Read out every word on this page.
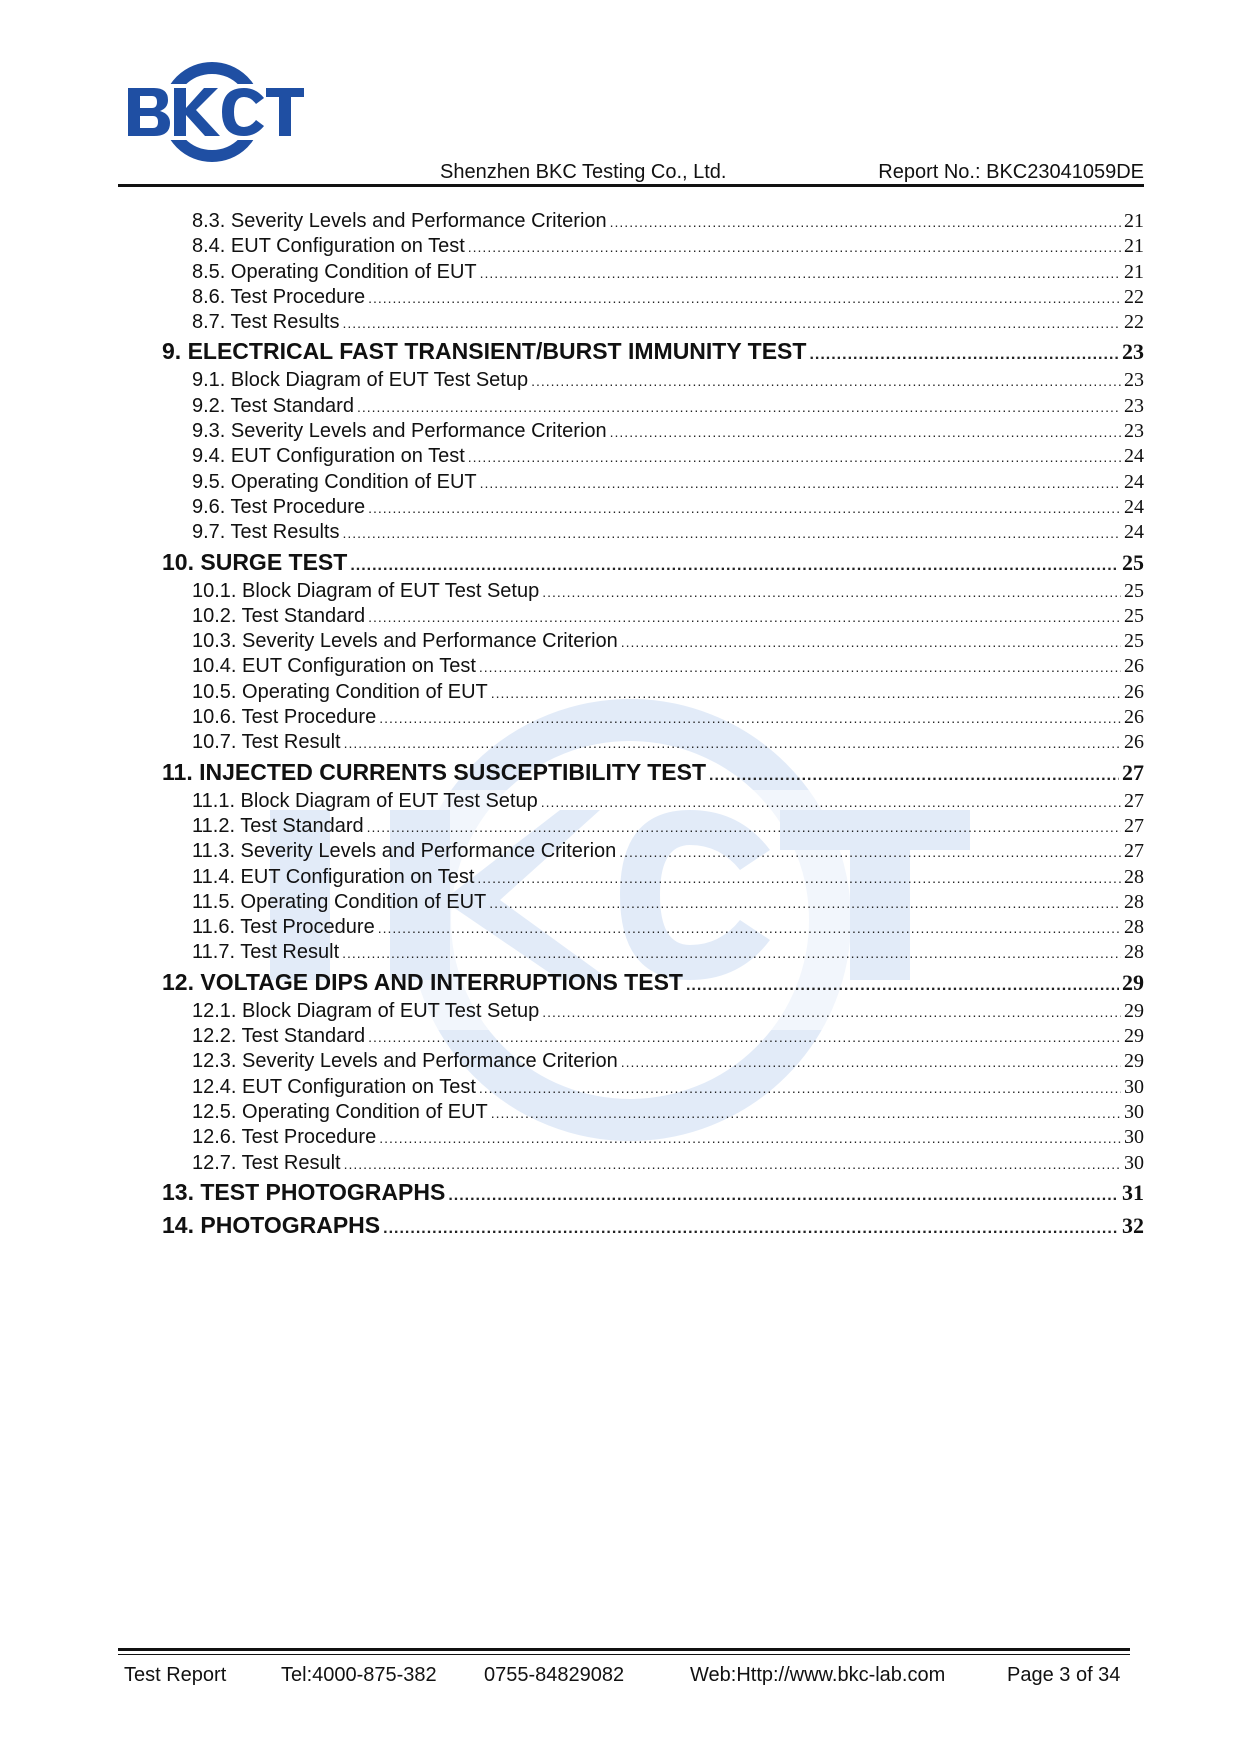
BKCT
Shenzhen BKC Testing Co., Ltd.	Report No.: BKC23041059DE
8.3. Severity Levels and Performance Criterion .....	21
8.4. EUT Configuration on Test .....	21
8.5. Operating Condition of EUT .....	21
8.6. Test Procedure .....	22
8.7. Test Results .....	22
9. ELECTRICAL FAST TRANSIENT/BURST IMMUNITY TEST .....	23
9.1. Block Diagram of EUT Test Setup .....	23
9.2. Test Standard .....	23
9.3. Severity Levels and Performance Criterion .....	23
9.4. EUT Configuration on Test .....	24
9.5. Operating Condition of EUT .....	24
9.6. Test Procedure .....	24
9.7. Test Results .....	24
10. SURGE TEST .....	25
10.1. Block Diagram of EUT Test Setup .....	25
10.2. Test Standard .....	25
10.3. Severity Levels and Performance Criterion .....	25
10.4. EUT Configuration on Test .....	26
10.5. Operating Condition of EUT .....	26
10.6. Test Procedure .....	26
10.7. Test Result .....	26
11. INJECTED CURRENTS SUSCEPTIBILITY TEST .....	27
11.1. Block Diagram of EUT Test Setup .....	27
11.2. Test Standard .....	27
11.3. Severity Levels and Performance Criterion .....	27
11.4. EUT Configuration on Test .....	28
11.5. Operating Condition of EUT .....	28
11.6. Test Procedure .....	28
11.7. Test Result .....	28
12. VOLTAGE DIPS AND INTERRUPTIONS TEST .....	29
12.1. Block Diagram of EUT Test Setup .....	29
12.2. Test Standard .....	29
12.3. Severity Levels and Performance Criterion .....	29
12.4. EUT Configuration on Test .....	30
12.5. Operating Condition of EUT .....	30
12.6. Test Procedure .....	30
12.7. Test Result .....	30
13. TEST PHOTOGRAPHS .....	31
14. PHOTOGRAPHS .....	32
Test Report	Tel:4000-875-382 0755-84829082	Web:Http://www.bkc-lab.com	Page 3 of 34
